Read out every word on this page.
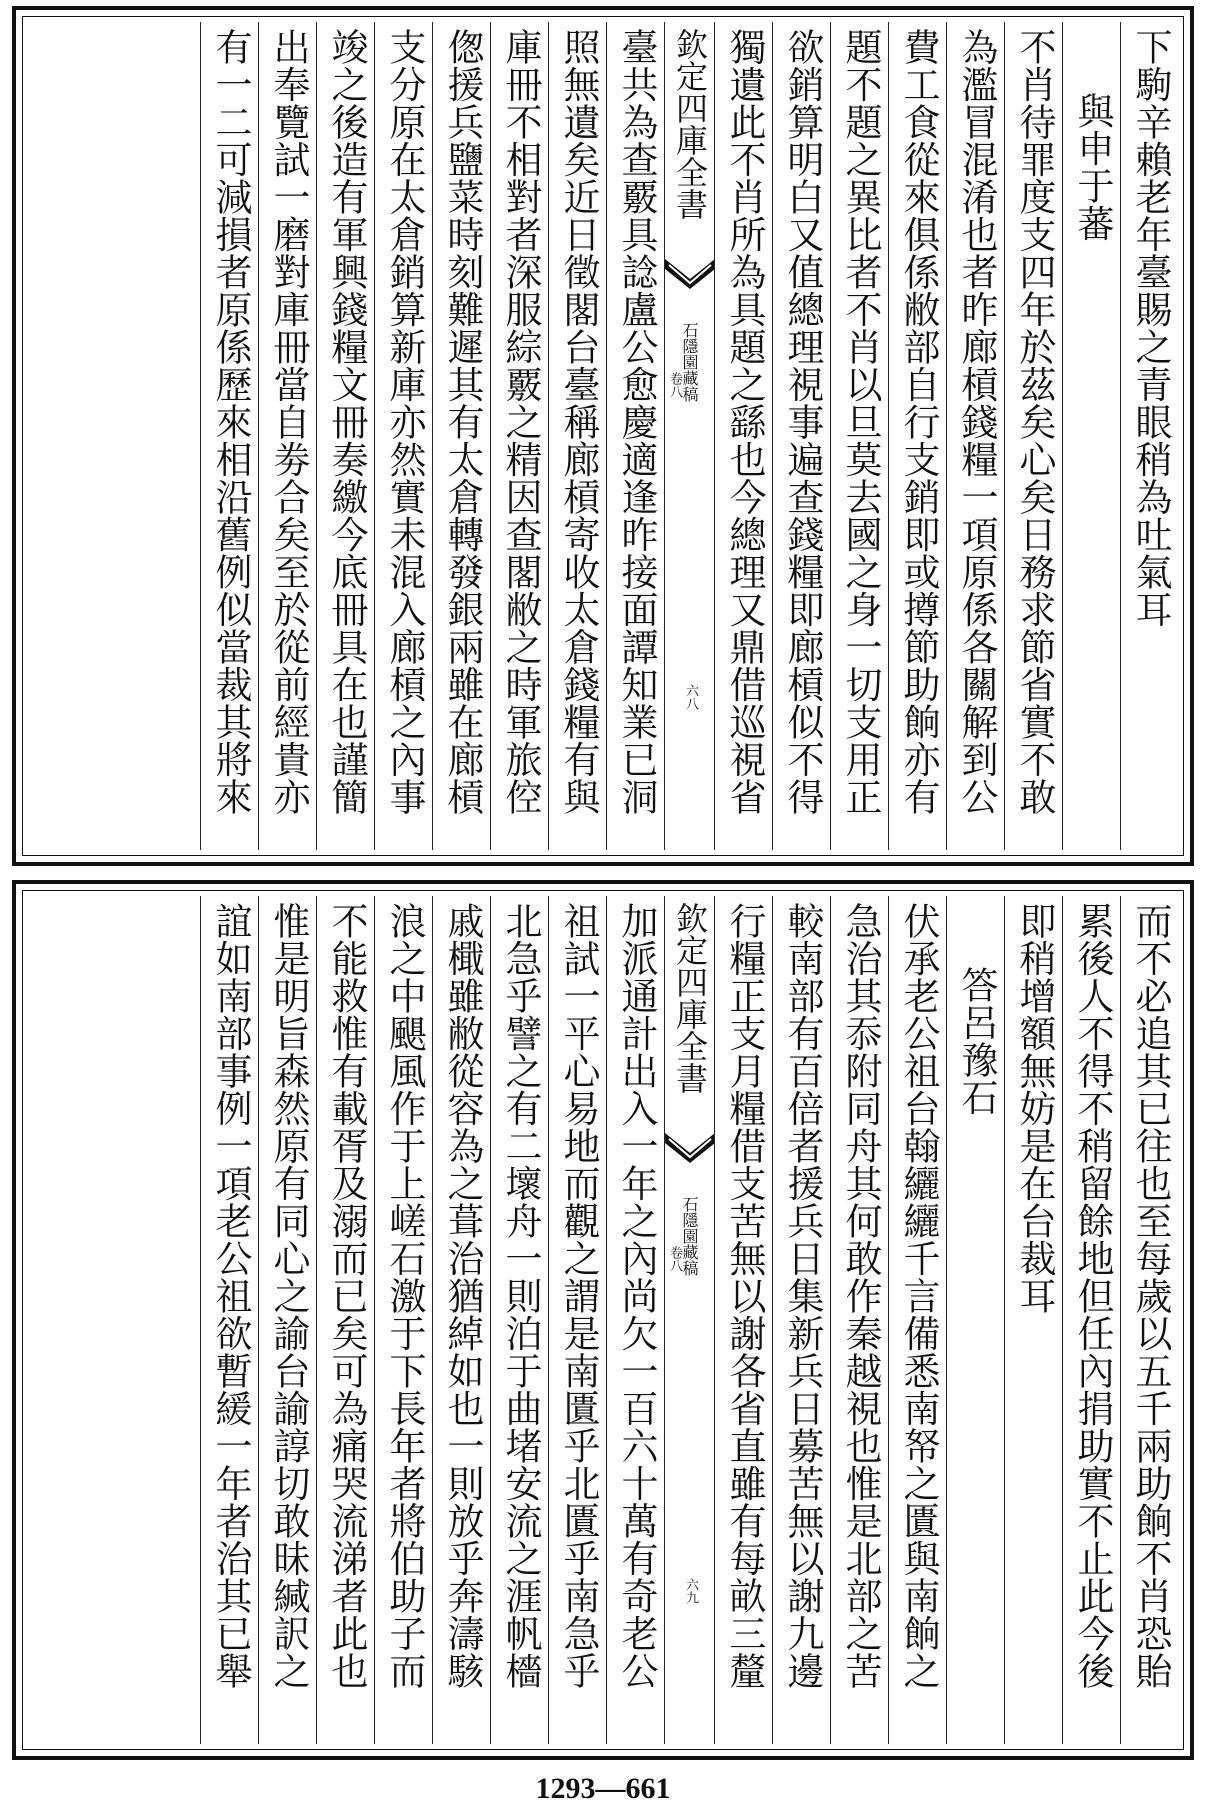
下駒辛賴老年臺賜之青眼稍為吐氣耳
與申于蕃
不肖待罪度支四年於茲矣心矣日務求節省實不敢
為濫冒混淆也者昨廊槓錢糧一項原係各關解到公
費工食從來俱係敝部自行支銷即或撙節助餉亦有
題不題之異比者不肖以旦莫去國之身一切支用正
欲銷算明白又值總理視事遍查錢糧即廊槓似不得
獨遺此不肖所為具題之繇也今總理又鼎借巡視省
欽定四庫全書
石隱園藏稿
卷八
六八
臺共為查覈具諗盧公愈慶適逢昨接面譚知業已洞
照無遺矣近日徵閣台臺稱廊槓寄收太倉錢糧有與
庫冊不相對者深服綜覈之精因查閣敝之時軍旅倥
偬援兵鹽菜時刻難遲其有太倉轉發銀兩雖在廊槓
支分原在太倉銷算新庫亦然實未混入廊槓之內事
竣之後造有軍興錢糧文冊奏繳今底冊具在也謹簡
出奉覽試一磨對庫冊當自劵合矣至於從前經貴亦
有一二可減損者原係歷來相沿舊例似當裁其將來
而不必追其已往也至每歲以五千兩助餉不肖恐貽
累後人不得不稍留餘地但任內捐助實不止此今後
即稍增額無妨是在台裁耳
答呂豫石
伏承老公祖台翰纚纚千言備悉南帑之匱與南餉之
急治其忝附同舟其何敢作秦越視也惟是北部之苦
較南部有百倍者援兵日集新兵日募苦無以謝九邊
行糧正支月糧借支苦無以謝各省直雖有每畝三釐
欽定四庫全書
石隱園藏稿
卷八
六九
加派通計出入一年之內尚欠一百六十萬有奇老公
祖試一平心易地而觀之謂是南匱乎北匱乎南急乎
北急乎譬之有二壞舟一則泊于曲堵安流之涯帆檣
戚檝雖敝從容為之葺治猶綽如也一則放乎奔濤駭
浪之中颶風作于上嵯石激于下長年者將伯助子而
不能救惟有載胥及溺而已矣可為痛哭流涕者此也
惟是明旨森然原有同心之諭台諭諄切敢昧緘訳之
誼如南部事例一項老公祖欲暫緩一年者治其已舉
1293—661
